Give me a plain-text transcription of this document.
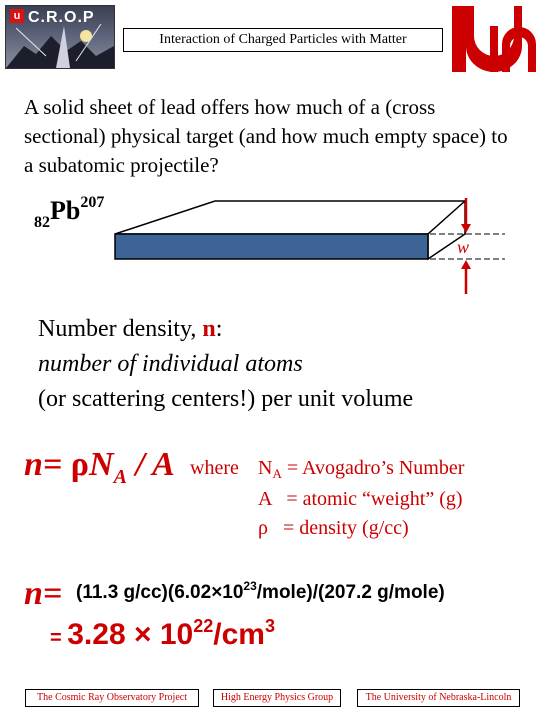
u C.R.O.P
Interaction of Charged Particles with Matter
A solid sheet of lead offers how much of a (cross sectional) physical target (and how much empty space) to a subatomic projectile?
$_{82}Pb^{207}$
w
Number density, n:
number of individual atoms
(or scattering centers!) per unit volume
$n= \rho N_A / A$ where $N_A$ = Avogadro’s Number
A   = atomic “weight” (g)
ρ   = density (g/cc)
n= (11.3 $g/cc)(6.02\times 10^{23}/mole)/(207.2$ g/mole)
= $3.28 \times 10^{22}/cm^3$
The Cosmic Ray Observatory Project	High Energy Physics Group	The University of Nebraska-Lincoln
